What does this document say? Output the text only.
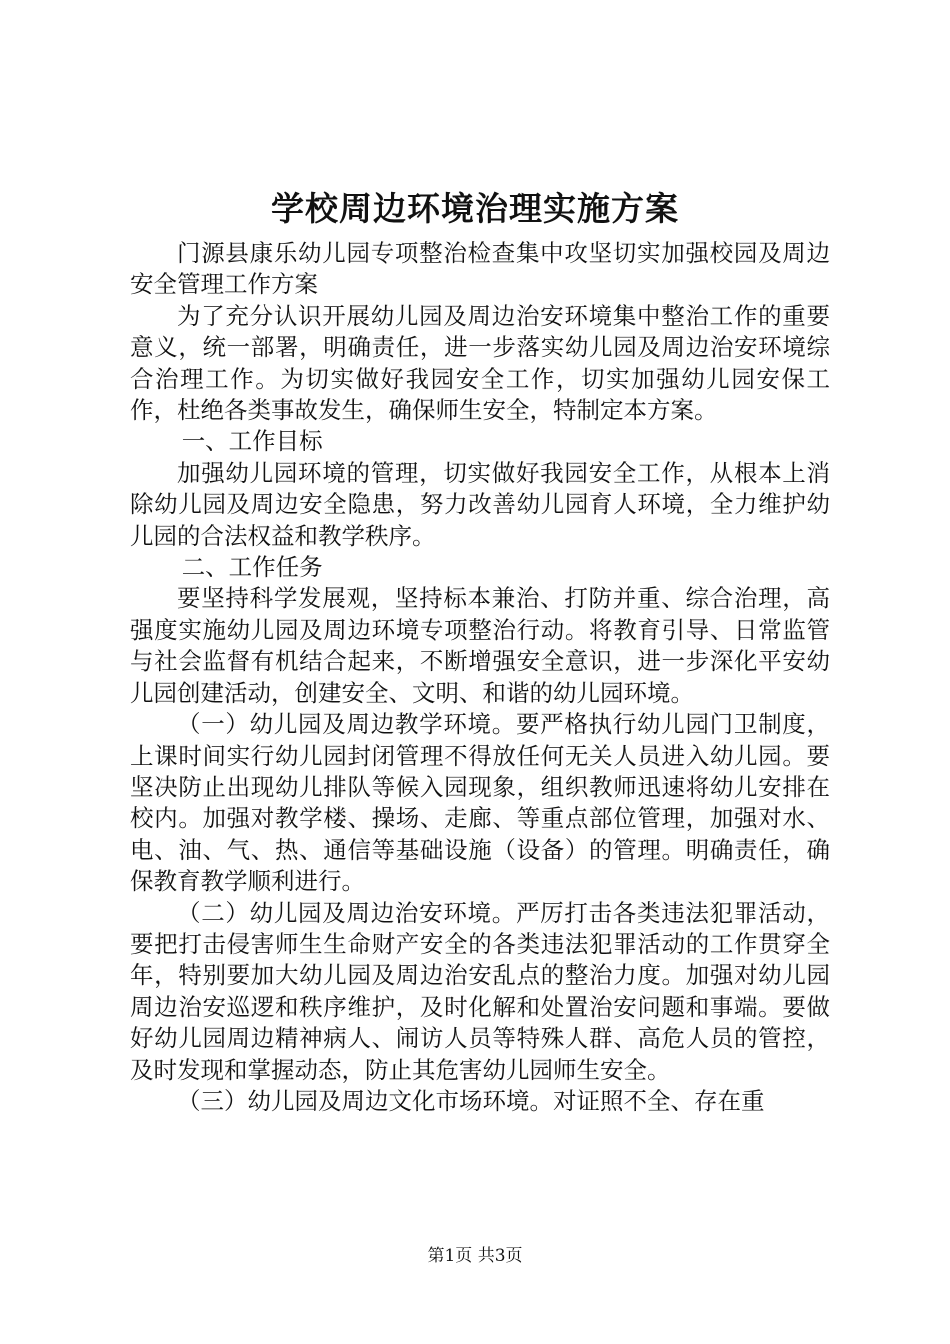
学校周边环境治理实施方案

门源县康乐幼儿园专项整治检查集中攻坚切实加强校园及周边安全管理工作方案

为了充分认识开展幼儿园及周边治安环境集中整治工作的重要意义，统一部署，明确责任，进一步落实幼儿园及周边治安环境综合治理工作。为切实做好我园安全工作，切实加强幼儿园安保工作，杜绝各类事故发生，确保师生安全，特制定本方案。

一、工作目标

加强幼儿园环境的管理，切实做好我园安全工作，从根本上消除幼儿园及周边安全隐患，努力改善幼儿园育人环境，全力维护幼儿园的合法权益和教学秩序。

二、工作任务

要坚持科学发展观，坚持标本兼治、打防并重、综合治理，高强度实施幼儿园及周边环境专项整治行动。将教育引导、日常监管与社会监督有机结合起来，不断增强安全意识，进一步深化平安幼儿园创建活动，创建安全、文明、和谐的幼儿园环境。

（一）幼儿园及周边教学环境。要严格执行幼儿园门卫制度，上课时间实行幼儿园封闭管理不得放任何无关人员进入幼儿园。要坚决防止出现幼儿排队等候入园现象，组织教师迅速将幼儿安排在校内。加强对教学楼、操场、走廊、等重点部位管理，加强对水、电、油、气、热、通信等基础设施（设备）的管理。明确责任，确保教育教学顺利进行。

（二）幼儿园及周边治安环境。严厉打击各类违法犯罪活动，要把打击侵害师生生命财产安全的各类违法犯罪活动的工作贯穿全年，特别要加大幼儿园及周边治安乱点的整治力度。加强对幼儿园周边治安巡逻和秩序维护，及时化解和处置治安问题和事端。要做好幼儿园周边精神病人、闹访人员等特殊人群、高危人员的管控，及时发现和掌握动态，防止其危害幼儿园师生安全。

（三）幼儿园及周边文化市场环境。对证照不全、存在重

第1页 共3页
